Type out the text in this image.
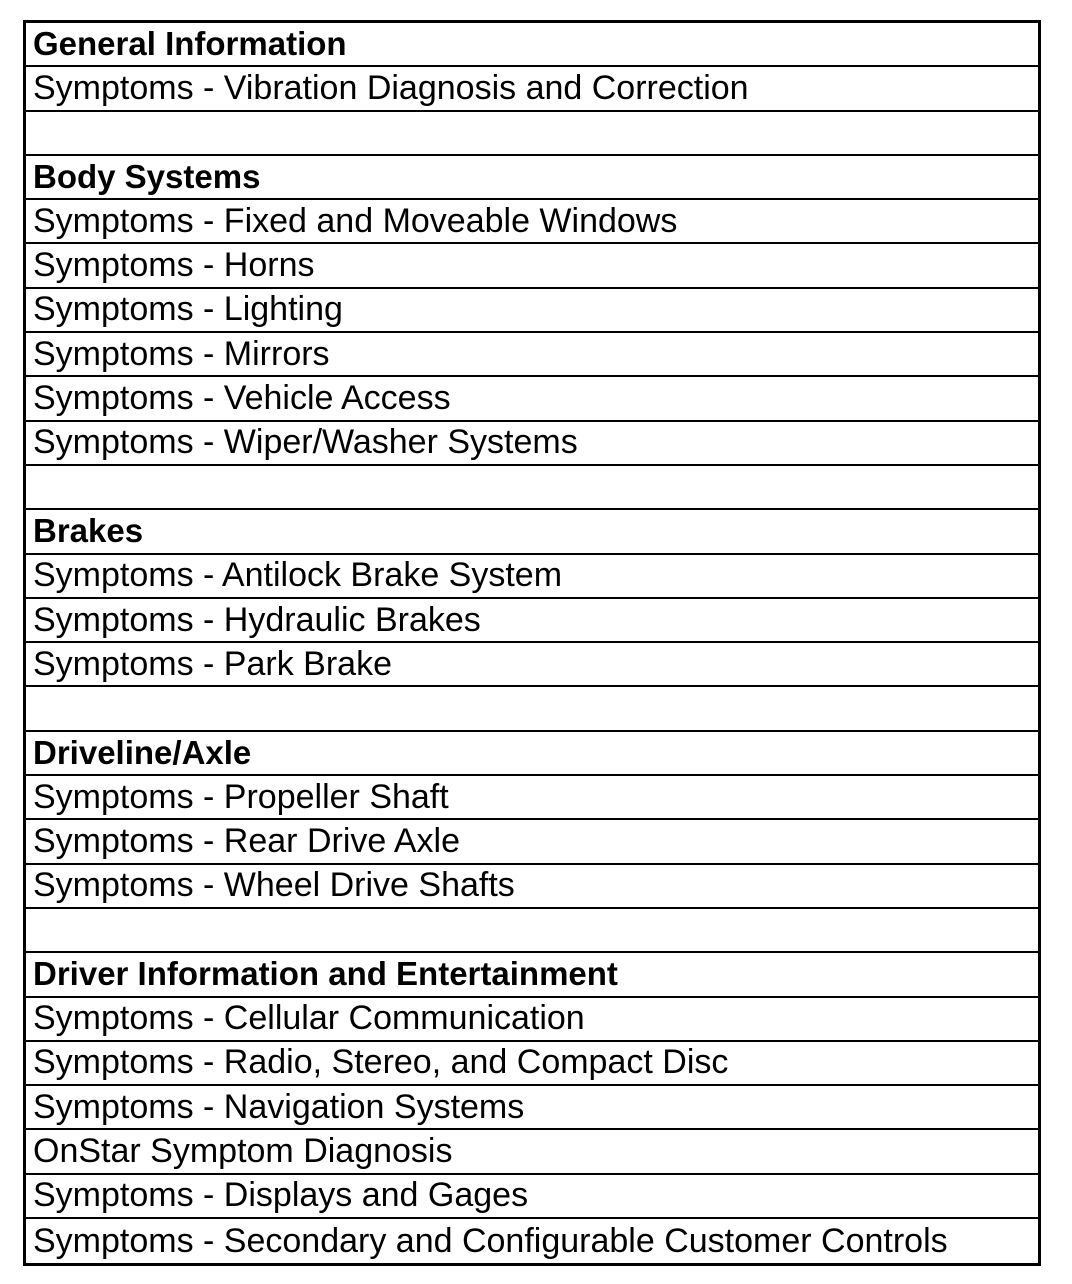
General Information
Symptoms - Vibration Diagnosis and Correction
Body Systems
Symptoms - Fixed and Moveable Windows
Symptoms - Horns
Symptoms - Lighting
Symptoms - Mirrors
Symptoms - Vehicle Access
Symptoms - Wiper/Washer Systems
Brakes
Symptoms - Antilock Brake System
Symptoms - Hydraulic Brakes
Symptoms - Park Brake
Driveline/Axle
Symptoms - Propeller Shaft
Symptoms - Rear Drive Axle
Symptoms - Wheel Drive Shafts
Driver Information and Entertainment
Symptoms - Cellular Communication
Symptoms - Radio, Stereo, and Compact Disc
Symptoms - Navigation Systems
OnStar Symptom Diagnosis
Symptoms - Displays and Gages
Symptoms - Secondary and Configurable Customer Controls
